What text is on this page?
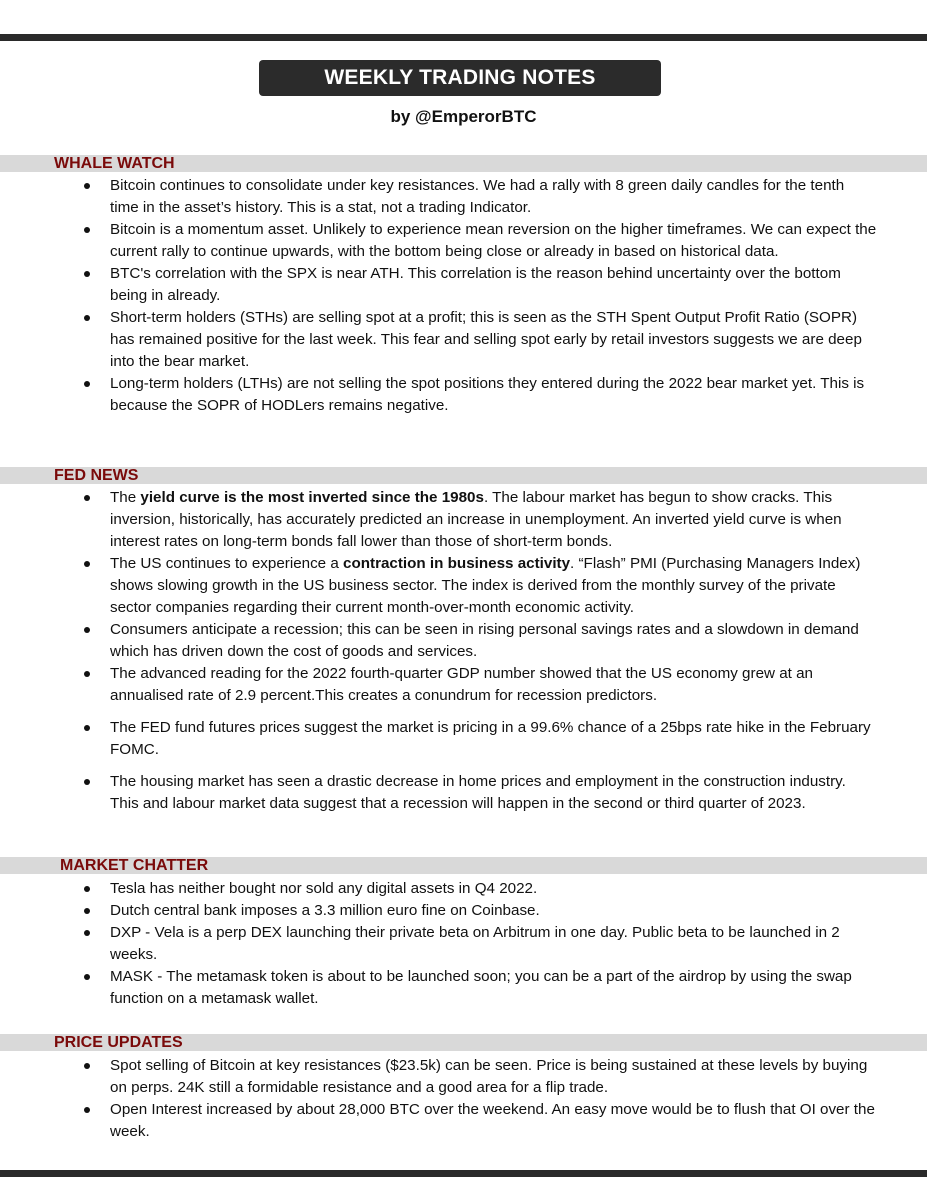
WEEKLY TRADING NOTES
by @EmperorBTC
WHALE WATCH
Bitcoin continues to consolidate under key resistances. We had a rally with 8 green daily candles for the tenth time in the asset’s history. This is a stat, not a trading Indicator.
Bitcoin is a momentum asset. Unlikely to experience mean reversion on the higher timeframes. We can expect the current rally to continue upwards, with the bottom being close or already in based on historical data.
BTC's correlation with the SPX is near ATH. This correlation is the reason behind uncertainty over the bottom being in already.
Short-term holders (STHs) are selling spot at a profit; this is seen as the STH Spent Output Profit Ratio (SOPR) has remained positive for the last week. This fear and selling spot early by retail investors suggests we are deep into the bear market.
Long-term holders (LTHs) are not selling the spot positions they entered during the 2022 bear market yet. This is because the SOPR of HODLers remains negative.
FED NEWS
The yield curve is the most inverted since the 1980s. The labour market has begun to show cracks. This inversion, historically, has accurately predicted an increase in unemployment. An inverted yield curve is when interest rates on long-term bonds fall lower than those of short-term bonds.
The US continues to experience a contraction in business activity. “Flash” PMI (Purchasing Managers Index) shows slowing growth in the US business sector. The index is derived from the monthly survey of the private sector companies regarding their current month-over-month economic activity.
Consumers anticipate a recession; this can be seen in rising personal savings rates and a slowdown in demand which has driven down the cost of goods and services.
The advanced reading for the 2022 fourth-quarter GDP number showed that the US economy grew at an annualised rate of 2.9 percent.This creates a conundrum for recession predictors.
The FED fund futures prices suggest the market is pricing in a 99.6% chance of a 25bps rate hike in the February FOMC.
The housing market has seen a drastic decrease in home prices and employment in the construction industry. This and labour market data suggest that a recession will happen in the second or third quarter of 2023.
MARKET CHATTER
Tesla has neither bought nor sold any digital assets in Q4 2022.
Dutch central bank imposes a 3.3 million euro fine on Coinbase.
DXP - Vela is a perp DEX launching their private beta on Arbitrum in one day. Public beta to be launched in 2 weeks.
MASK - The metamask token is about to be launched soon; you can be a part of the airdrop by using the swap function on a metamask wallet.
PRICE UPDATES
Spot selling of Bitcoin at key resistances ($23.5k) can be seen. Price is being sustained at these levels by buying on perps. 24K still a formidable resistance and a good area for a flip trade.
Open Interest increased by about 28,000 BTC over the weekend. An easy move would be to flush that OI over the week.
